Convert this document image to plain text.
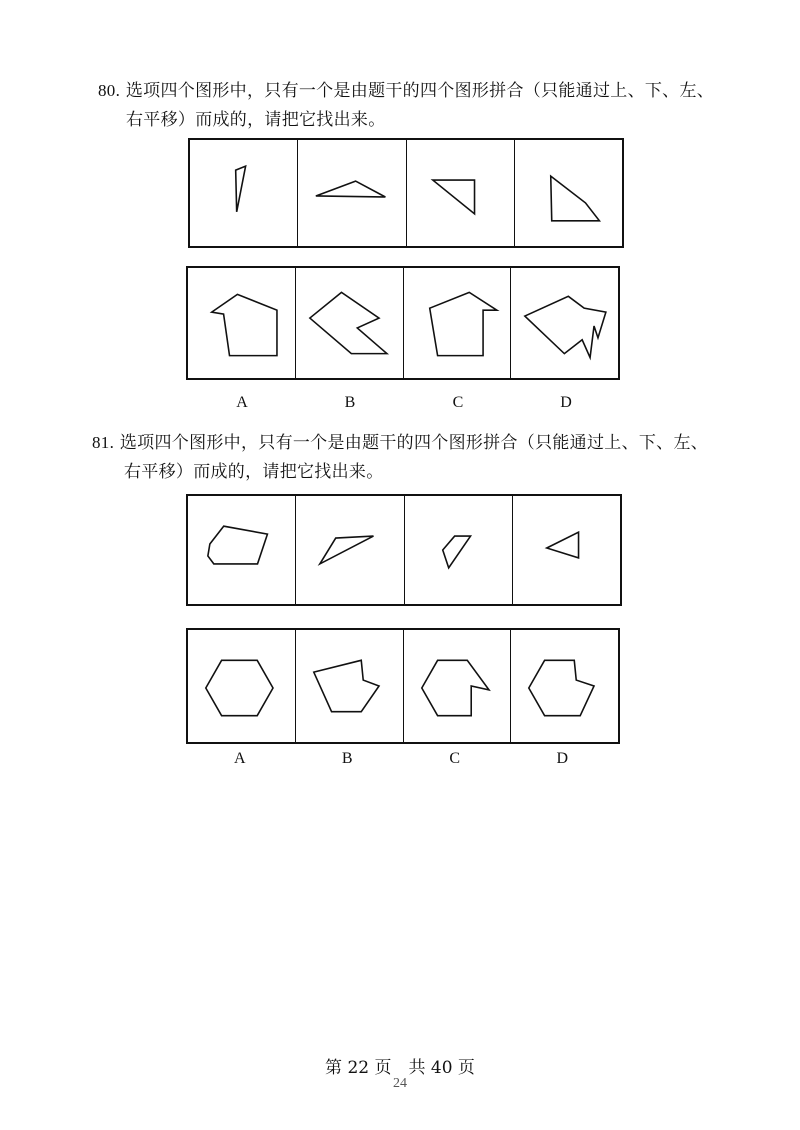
80. 选项四个图形中，只有一个是由题干的四个图形拼合（只能通过上、下、左、
右平移）而成的，请把它找出来。
A	B	C	D
81. 选项四个图形中，只有一个是由题干的四个图形拼合（只能通过上、下、左、
右平移）而成的，请把它找出来。
A	B	C	D
第 22 页　共 40 页
24
